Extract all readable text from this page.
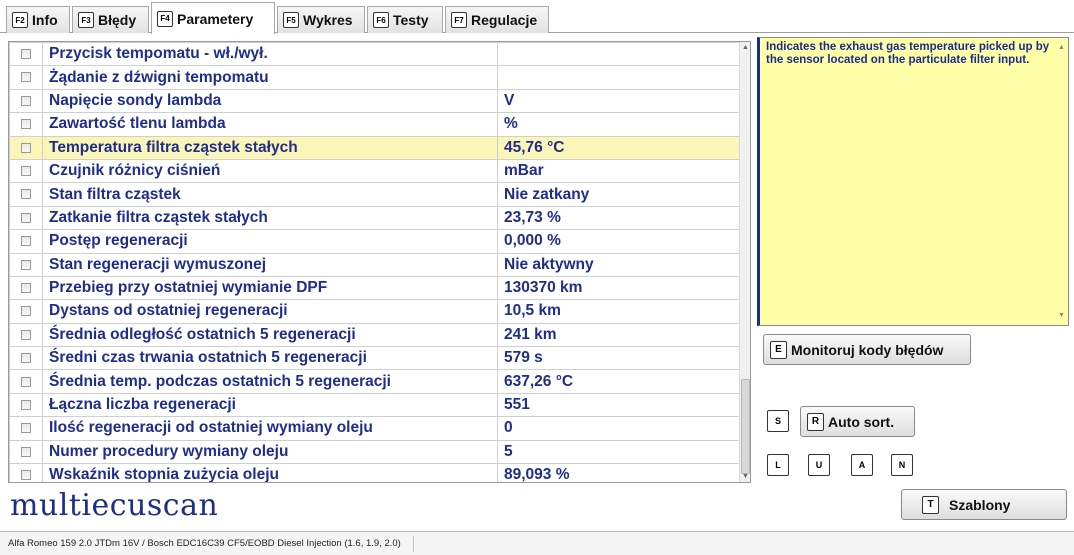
F2 Info	F3 Błędy	F4 Parametery	F5 Wykres	F6 Testy	F7 Regulacje
	Przycisk tempomatu - wł./wył.	
	Żądanie z dźwigni tempomatu	
	Napięcie sondy lambda	V
	Zawartość tlenu lambda	%
	Temperatura filtra cząstek stałych	45,76 °C
	Czujnik różnicy ciśnień	mBar
	Stan filtra cząstek	Nie zatkany
	Zatkanie filtra cząstek stałych	23,73 %
	Postęp regeneracji	0,000 %
	Stan regeneracji wymuszonej	Nie aktywny
	Przebieg przy ostatniej wymianie DPF	130370 km
	Dystans od ostatniej regeneracji	10,5 km
	Średnia odległość ostatnich 5 regeneracji	241 km
	Średni czas trwania ostatnich 5 regeneracji	579 s
	Średnia temp. podczas ostatnich 5 regeneracji	637,26 °C
	Łączna liczba regeneracji	551
	Ilość regeneracji od ostatniej wymiany oleju	0
	Numer procedury wymiany oleju	5
	Wskaźnik stopnia zużycia oleju	89,093 %
▲
▼
Indicates the exhaust gas temperature picked up by the sensor located on the particulate filter input.
▲
▼
E Monitoruj kody błędów
S	R Auto sort.
L	U	A	N
T	Szablony
multiecuscan
Alfa Romeo 159 2.0 JTDm 16V / Bosch EDC16C39 CF5/EOBD Diesel Injection (1.6, 1.9, 2.0)
